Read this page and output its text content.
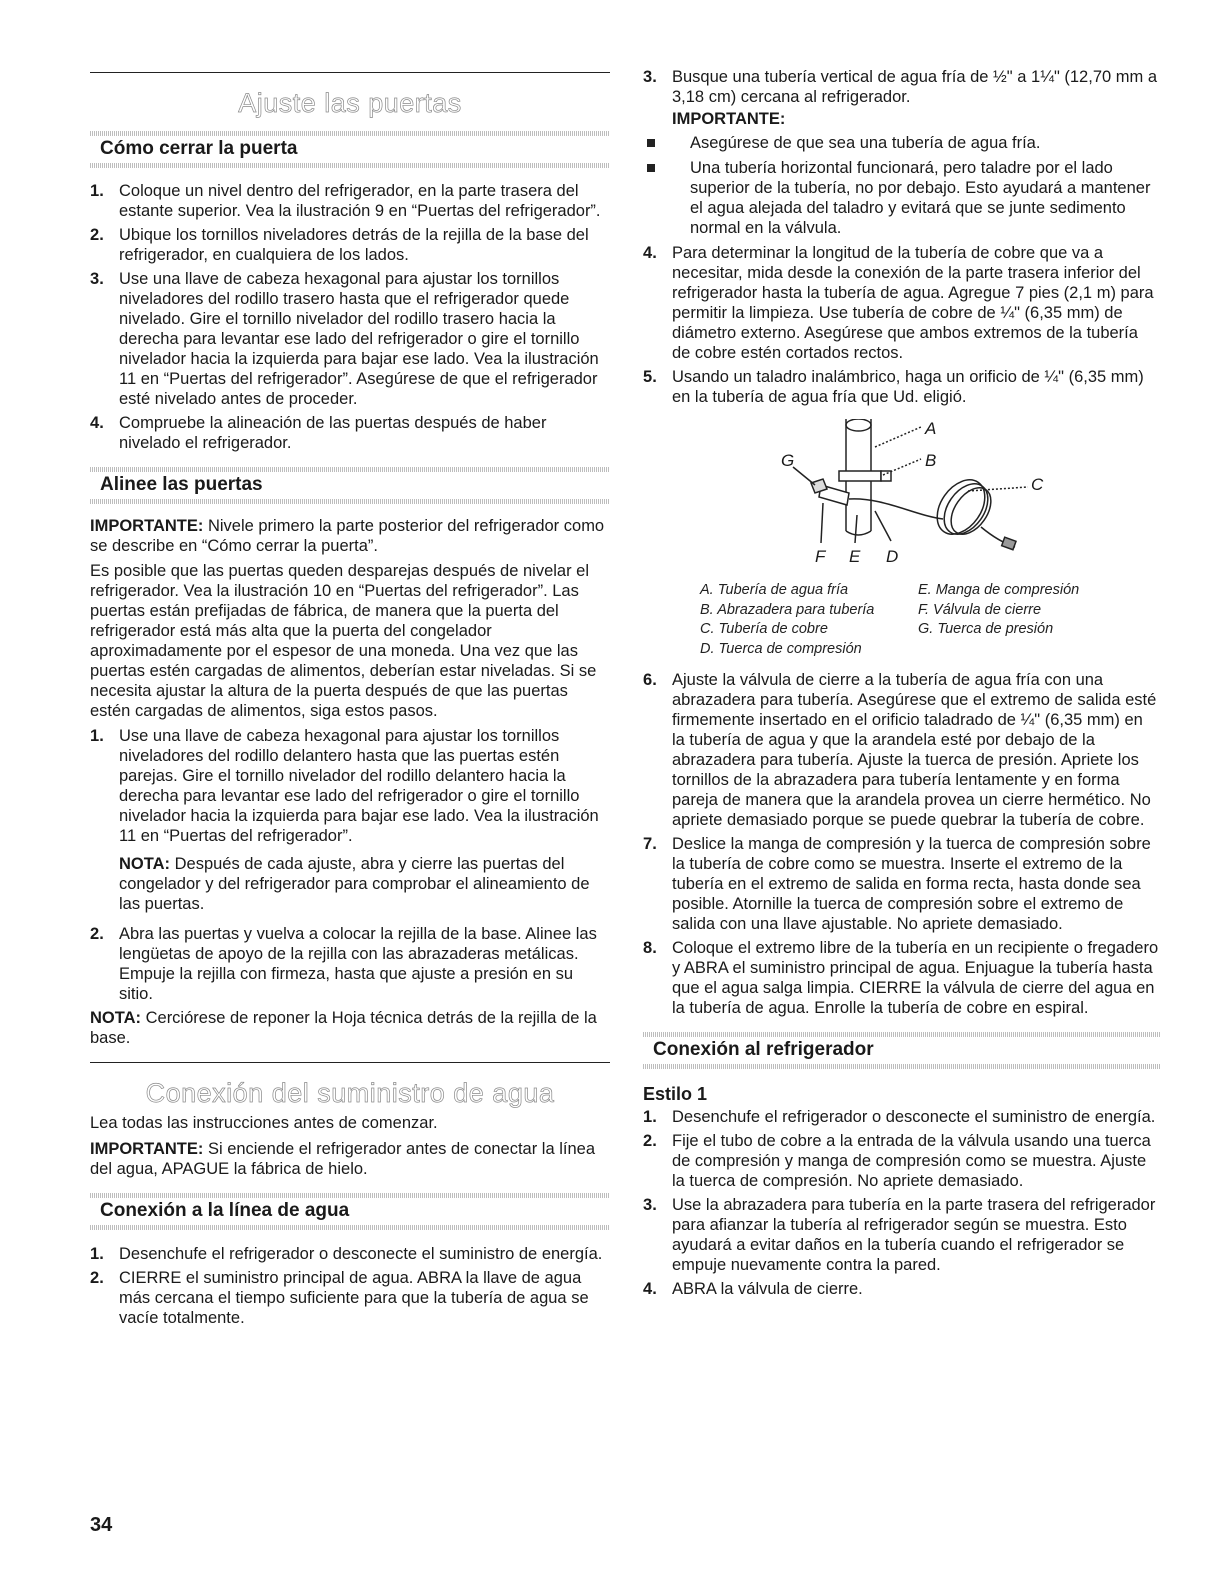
Ajuste las puertas
Cómo cerrar la puerta
1 . Coloque un nivel dentro del refrigerador, en la parte trasera del estante superior. Vea la ilustración 9 en “Puertas del refrigerador”.
2 . Ubique los tornillos niveladores detrás de la rejilla de la base del refrigerador, en cualquiera de los lados.
3 . Use una llave de cabeza hexagonal para ajustar los tornillos niveladores del rodillo trasero hasta que el refrigerador quede nivelado. Gire el tornillo nivelador del rodillo trasero hacia la derecha para levantar ese lado del refrigerador o gire el tornillo nivelador hacia la izquierda para bajar ese lado. Vea la ilustración 11 en “Puertas del refrigerador”. Asegúrese de que el refrigerador esté nivelado antes de proceder.
4 . Compruebe la alineación de las puertas después de haber nivelado el refrigerador.
Alinee las puertas

IMPORTANTE: Nivele primero la parte posterior del refrigerador como se describe en “Cómo cerrar la puerta”.

Es posible que las puertas queden desparejas después de nivelar el refrigerador. Vea la ilustración 10 en “Puertas del refrigerador”. Las puertas están prefijadas de fábrica, de manera que la puerta del refrigerador está más alta que la puerta del congelador aproximadamente por el espesor de una moneda. Una vez que las puertas estén cargadas de alimentos, deberían estar niveladas. Si se necesita ajustar la altura de la puerta después de que las puertas estén cargadas de alimentos, siga estos pasos.

1 . Use una llave de cabeza hexagonal para ajustar los tornillos niveladores del rodillo delantero hasta que las puertas estén parejas. Gire el tornillo nivelador del rodillo delantero hacia la derecha para levantar ese lado del refrigerador o gire el tornillo nivelador hacia la izquierda para bajar ese lado. Vea la ilustración 11 en “Puertas del refrigerador”.

NOTA: Después de cada ajuste, abra y cierre las puertas del congelador y del refrigerador para comprobar el alineamiento de las puertas.

2 . Abra las puertas y vuelva a colocar la rejilla de la base. Alinee las lengüetas de apoyo de la rejilla con las abrazaderas metálicas. Empuje la rejilla con firmeza, hasta que ajuste a presión en su sitio.

NOTA: Cerciórese de reponer la Hoja técnica detrás de la rejilla de la base.

Conexión del suministro de agua

Lea todas las instrucciones antes de comenzar.

IMPORTANTE: Si enciende el refrigerador antes de conectar la línea del agua, APAGUE la fábrica de hielo.

Conexión a la línea de agua
1 . Desenchufe el refrigerador o desconecte el suministro de energía.
2 . CIERRE el suministro principal de agua. ABRA la llave de agua más cercana el tiempo suficiente para que la tubería de agua se vacíe totalmente.
3 . Busque una tubería vertical de agua fría de ½" a 1¼" (12,70 mm a 3,18 cm) cercana al refrigerador.

IMPORTANTE:

Asegúrese de que sea una tubería de agua fría.
Una tubería horizontal funcionará, pero taladre por el lado superior de la tubería, no por debajo. Esto ayudará a mantener el agua alejada del taladro y evitará que se junte sedimento normal en la válvula.
4 . Para determinar la longitud de la tubería de cobre que va a necesitar, mida desde la conexión de la parte trasera inferior del refrigerador hasta la tubería de agua. Agregue 7 pies (2,1 m) para permitir la limpieza. Use tubería de cobre de ¼" (6,35 mm) de diámetro externo. Asegúrese que ambos extremos de la tubería de cobre estén cortados rectos.
5 . Usando un taladro inalámbrico, haga un orificio de ¼" (6,35 mm) en la tubería de agua fría que Ud. eligió.
A
B
C
D
E
F
G
A. Tubería de agua fría	E. Manga de compresión
B. Abrazadera para tubería	F. Válvula de cierre
C. Tubería de cobre	G. Tuerca de presión
D. Tuerca de compresión
6 . Ajuste la válvula de cierre a la tubería de agua fría con una abrazadera para tubería. Asegúrese que el extremo de salida esté firmemente insertado en el orificio taladrado de ¼" (6,35 mm) en la tubería de agua y que la arandela esté por debajo de la abrazadera para tubería. Ajuste la tuerca de presión. Apriete los tornillos de la abrazadera para tubería lentamente y en forma pareja de manera que la arandela provea un cierre hermético. No apriete demasiado porque se puede quebrar la tubería de cobre.
7 . Deslice la manga de compresión y la tuerca de compresión sobre la tubería de cobre como se muestra. Inserte el extremo de la tubería en el extremo de salida en forma recta, hasta donde sea posible. Atornille la tuerca de compresión sobre el extremo de salida con una llave ajustable. No apriete demasiado.
8 . Coloque el extremo libre de la tubería en un recipiente o fregadero y ABRA el suministro principal de agua. Enjuague la tubería hasta que el agua salga limpia. CIERRE la válvula de cierre del agua en la tubería de agua. Enrolle la tubería de cobre en espiral.
Conexión al refrigerador
Estilo 1
1 . Desenchufe el refrigerador o desconecte el suministro de energía.
2 . Fije el tubo de cobre a la entrada de la válvula usando una tuerca de compresión y manga de compresión como se muestra. Ajuste la tuerca de compresión. No apriete demasiado.
3 . Use la abrazadera para tubería en la parte trasera del refrigerador para afianzar la tubería al refrigerador según se muestra. Esto ayudará a evitar daños en la tubería cuando el refrigerador se empuje nuevamente contra la pared.
4 . ABRA la válvula de cierre.
34
